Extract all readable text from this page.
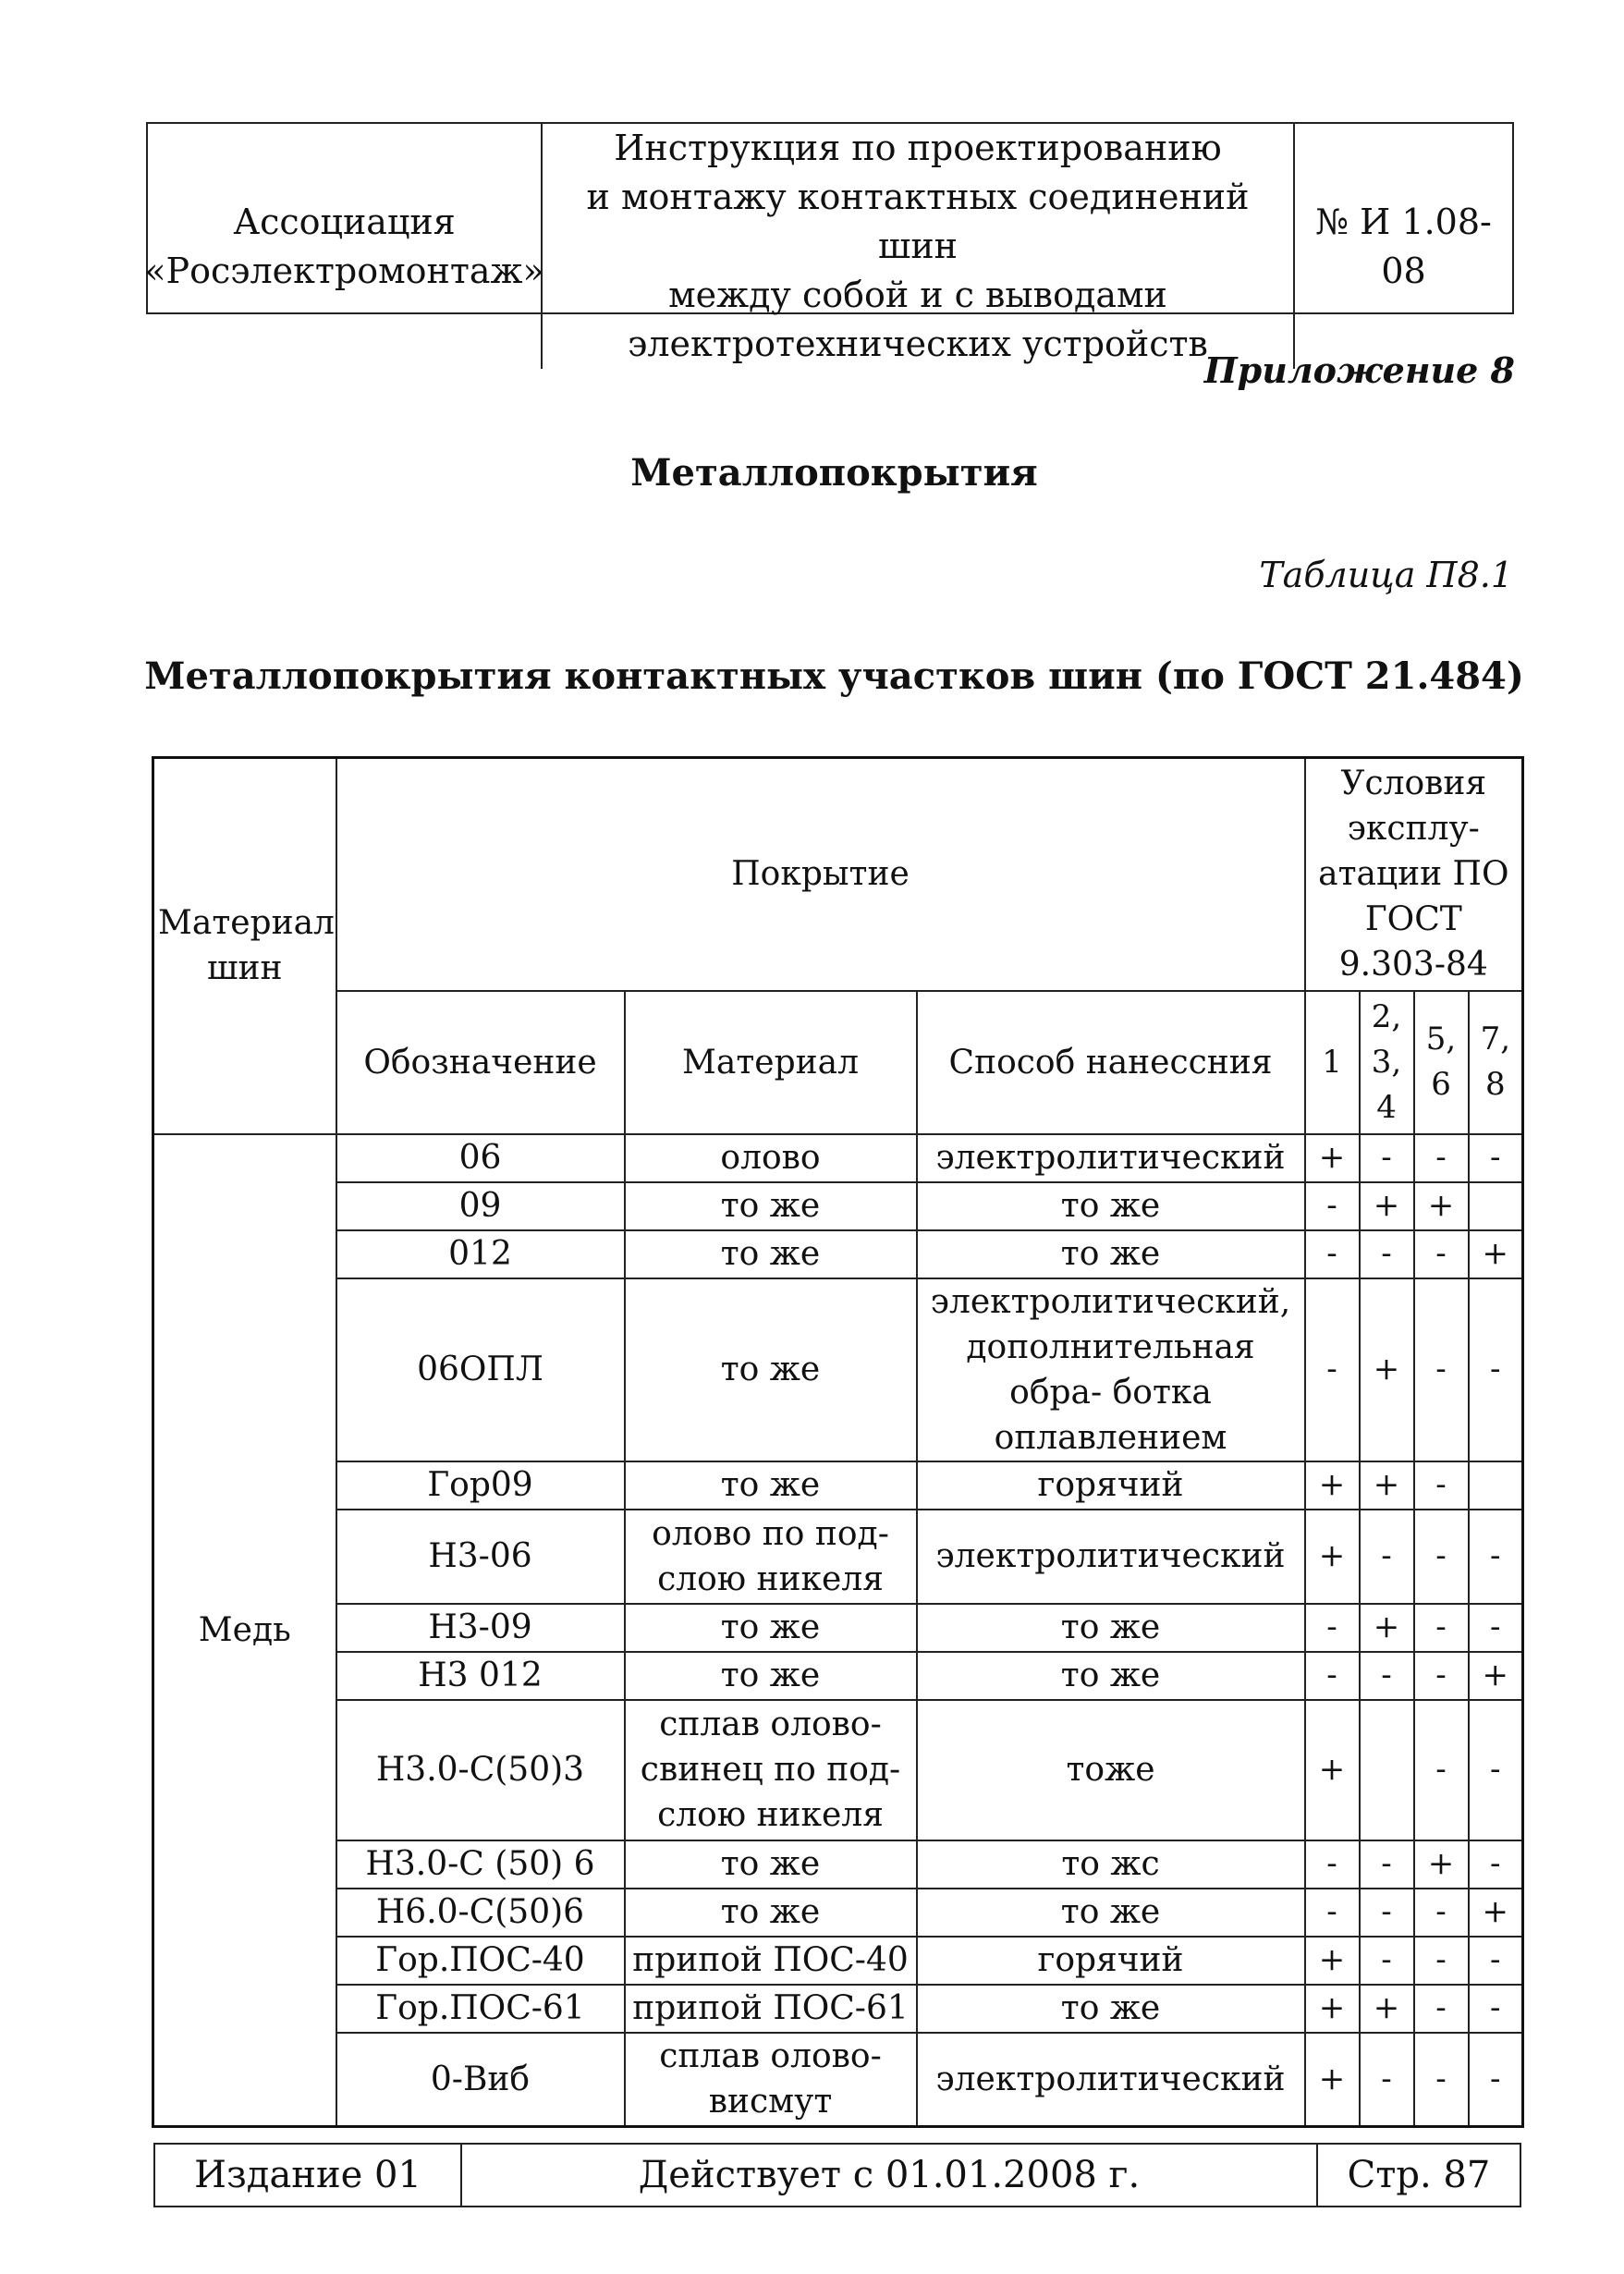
Ассоциация
«Росэлектромонтаж»
Инструкция по проектированию
и монтажу контактных соединений шин
между собой и с выводами
электротехнических устройств
№ И 1.08-08
Приложение 8
Металлопокрытия
Таблица П8.1
Металлопокрытия контактных участков шин (по ГОСТ 21.484)
Материал шин	Покрытие			Условия эксплу- атации ПО ГОСТ 9.303-84			
	Обозначение	Материал	Способ нанессния	1	2, 3, 4	5, 6	7, 8
Медь	06	олово	электролитический	+	-	-	-
	09	то же	то же	-	+	+	
	012	то же	то же	-	-	-	+
	06ОПЛ	то же	электролитический, дополнительная обра- ботка оплавлением	-	+	-	-
	Гор09	то же	горячий	+	+	-	
	Н3-06	олово по под- слою никеля	электролитический	+	-	-	-
	Н3-09	то же	то же	-	+	-	-
	Н3 012	то же	то же	-	-	-	+
	Н3.0-С(50)3	сплав олово- свинец по под- слою никеля	тоже	+		-	-
	Н3.0-С (50) 6	то же	то жс	-	-	+	-
	Н6.0-С(50)6	то же	то же	-	-	-	+
	Гор.ПОС-40	припой ПОС-40	горячий	+	-	-	-
	Гор.ПОС-61	припой ПОС-61	то же	+	+	-	-
	0-Виб	сплав олово- висмут	электролитический	+	-	-	-
Издание 01	Действует с 01.01.2008 г.	Стр. 87
